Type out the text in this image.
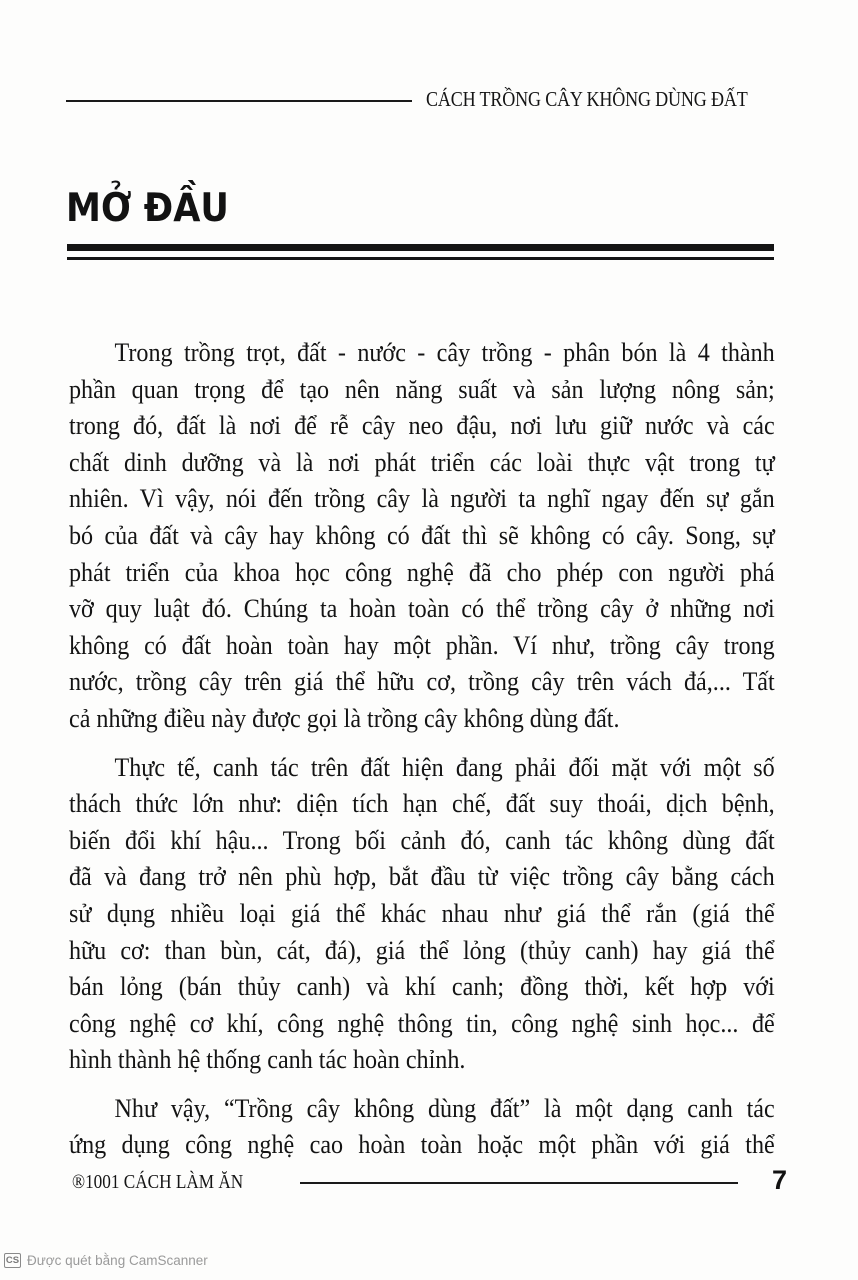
CÁCH TRỒNG CÂY KHÔNG DÙNG ĐẤT
MỞ ĐẦU

Trong trồng trọt, đất - nước - cây trồng - phân bón là 4 thành
phần quan trọng để tạo nên năng suất và sản lượng nông sản;
trong đó, đất là nơi để rễ cây neo đậu, nơi lưu giữ nước và các
chất dinh dưỡng và là nơi phát triển các loài thực vật trong tự
nhiên. Vì vậy, nói đến trồng cây là người ta nghĩ ngay đến sự gắn
bó của đất và cây hay không có đất thì sẽ không có cây. Song, sự
phát triển của khoa học công nghệ đã cho phép con người phá
vỡ quy luật đó. Chúng ta hoàn toàn có thể trồng cây ở những nơi
không có đất hoàn toàn hay một phần. Ví như, trồng cây trong
nước, trồng cây trên giá thể hữu cơ, trồng cây trên vách đá,... Tất
cả những điều này được gọi là trồng cây không dùng đất.

Thực tế, canh tác trên đất hiện đang phải đối mặt với một số
thách thức lớn như: diện tích hạn chế, đất suy thoái, dịch bệnh,
biến đổi khí hậu... Trong bối cảnh đó, canh tác không dùng đất
đã và đang trở nên phù hợp, bắt đầu từ việc trồng cây bằng cách
sử dụng nhiều loại giá thể khác nhau như giá thể rắn (giá thể
hữu cơ: than bùn, cát, đá), giá thể lỏng (thủy canh) hay giá thể
bán lỏng (bán thủy canh) và khí canh; đồng thời, kết hợp với
công nghệ cơ khí, công nghệ thông tin, công nghệ sinh học... để
hình thành hệ thống canh tác hoàn chỉnh.

Như vậy, “Trồng cây không dùng đất” là một dạng canh tác
ứng dụng công nghệ cao hoàn toàn hoặc một phần với giá thể

®1001 CÁCH LÀM ĂN	7
CS Được quét bằng CamScanner
